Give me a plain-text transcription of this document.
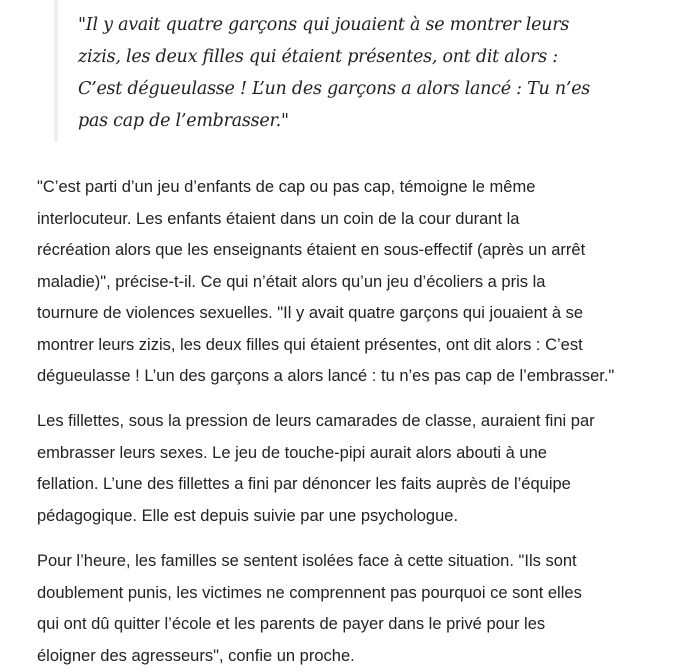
"Il y avait quatre garçons qui jouaient à se montrer leurs
zizis, les deux filles qui étaient présentes, ont dit alors :
C’est dégueulasse ! L’un des garçons a alors lancé : Tu n’es
pas cap de l’embrasser."

"C’est parti d’un jeu d’enfants de cap ou pas cap, témoigne le même
interlocuteur. Les enfants étaient dans un coin de la cour durant la
récréation alors que les enseignants étaient en sous-effectif (après un arrêt
maladie)", précise-t-il. Ce qui n’était alors qu’un jeu d’écoliers a pris la
tournure de violences sexuelles. "Il y avait quatre garçons qui jouaient à se
montrer leurs zizis, les deux filles qui étaient présentes, ont dit alors : C’est
dégueulasse ! L’un des garçons a alors lancé : tu n’es pas cap de l’embrasser."

Les fillettes, sous la pression de leurs camarades de classe, auraient fini par
embrasser leurs sexes. Le jeu de touche-pipi aurait alors abouti à une
fellation. L’une des fillettes a fini par dénoncer les faits auprès de l’équipe
pédagogique. Elle est depuis suivie par une psychologue.

Pour l’heure, les familles se sentent isolées face à cette situation. "Ils sont
doublement punis, les victimes ne comprennent pas pourquoi ce sont elles
qui ont dû quitter l’école et les parents de payer dans le privé pour les
éloigner des agresseurs", confie un proche.
